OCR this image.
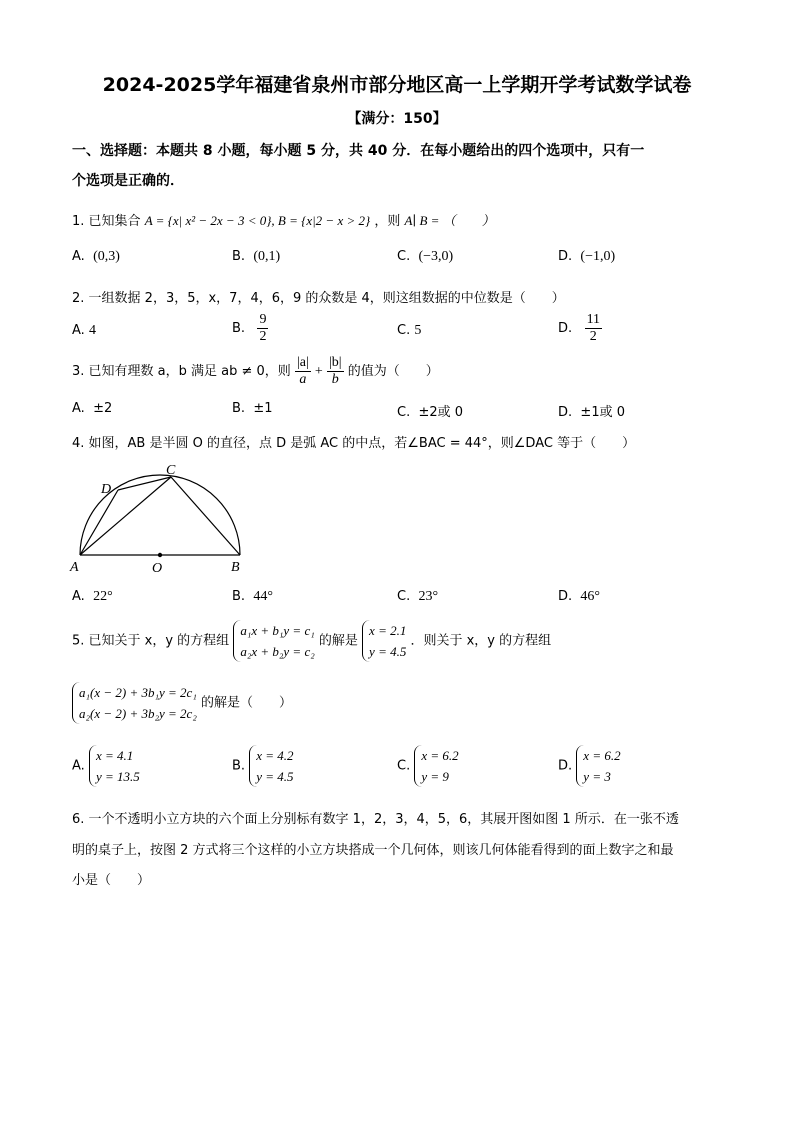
2024-2025学年福建省泉州市部分地区高一上学期开学考试数学试卷
【满分：150】
一、选择题：本题共 8 小题，每小题 5 分，共 40 分．在每小题给出的四个选项中，只有一
个选项是正确的．
1. 已知集合 A = {x| x² − 2x − 3 < 0}, B = {x|2 − x > 2} ，则 A∣ B = （　　）
A. (0,3)	B. (0,1)	C. (−3,0)	D. (−1,0)
2. 一组数据 2，3，5，x，7，4，6，9 的众数是 4，则这组数据的中位数是（　　）
A. 4	B. $\frac{9}{2}$	C. 5	D. $\frac{11}{2}$
3. 已知有理数 a，b 满足 ab ≠ 0，则 $\frac{|a|}{a} + \frac{|b|}{b}$ 的值为（　　）
A. ±2	B. ±1	C. ±2或 0	D. ±1或 0
4. 如图，AB 是半圆 O 的直径，点 D 是弧 AC 的中点，若∠BAC = 44°，则∠DAC 等于（　　）
A	B
C
D
O
A. 22°	B. 44°	C. 23°	D. 46°
5. 已知关于 x，y 的方程组
a₁x + b₁y = c₁
a₂x + b₂y = c₂
的解是
x = 2.1
y = 4.5
．则关于 x，y 的方程组
a₁(x − 2) + 3b₁y = 2c₁
a₂(x − 2) + 3b₂y = 2c₂
的解是（　　）
A.
x = 4.1
y = 13.5
B.
x = 4.2
y = 4.5
C.
x = 6.2
y = 9
D.
x = 6.2
y = 3
6. 一个不透明小立方块的六个面上分别标有数字 1，2，3，4，5，6，其展开图如图 1 所示．在一张不透
明的桌子上，按图 2 方式将三个这样的小立方块搭成一个几何体，则该几何体能看得到的面上数字之和最
小是（　　）
